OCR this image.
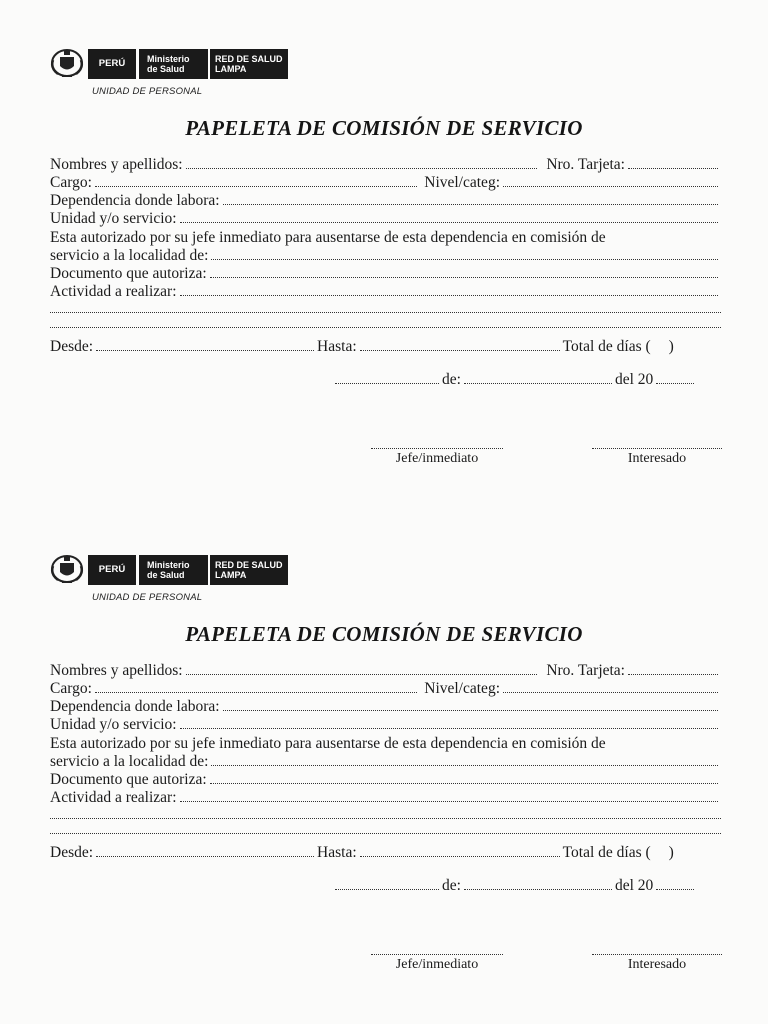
PERÚ Ministerio
de Salud
RED DE SALUD
LAMPA
UNIDAD DE PERSONAL
PAPELETA DE COMISIÓN DE SERVICIO
Nombres y apellidos:	Nro. Tarjeta:
Cargo:	Nivel/categ:
Dependencia donde labora:
Unidad y/o servicio:
Esta autorizado por su jefe inmediato para ausentarse de esta dependencia en comisión de
servicio a la localidad de:
Documento que autoriza:
Actividad a realizar:
Desde:	Hasta:	Total de días ( )
de:	del 20
Jefe/inmediato	Interesado
PERÚ Ministerio
de Salud
RED DE SALUD
LAMPA
UNIDAD DE PERSONAL
PAPELETA DE COMISIÓN DE SERVICIO
Nombres y apellidos:	Nro. Tarjeta:
Cargo:	Nivel/categ:
Dependencia donde labora:
Unidad y/o servicio:
Esta autorizado por su jefe inmediato para ausentarse de esta dependencia en comisión de
servicio a la localidad de:
Documento que autoriza:
Actividad a realizar:
Desde:	Hasta:	Total de días ( )
de:	del 20
Jefe/inmediato	Interesado
